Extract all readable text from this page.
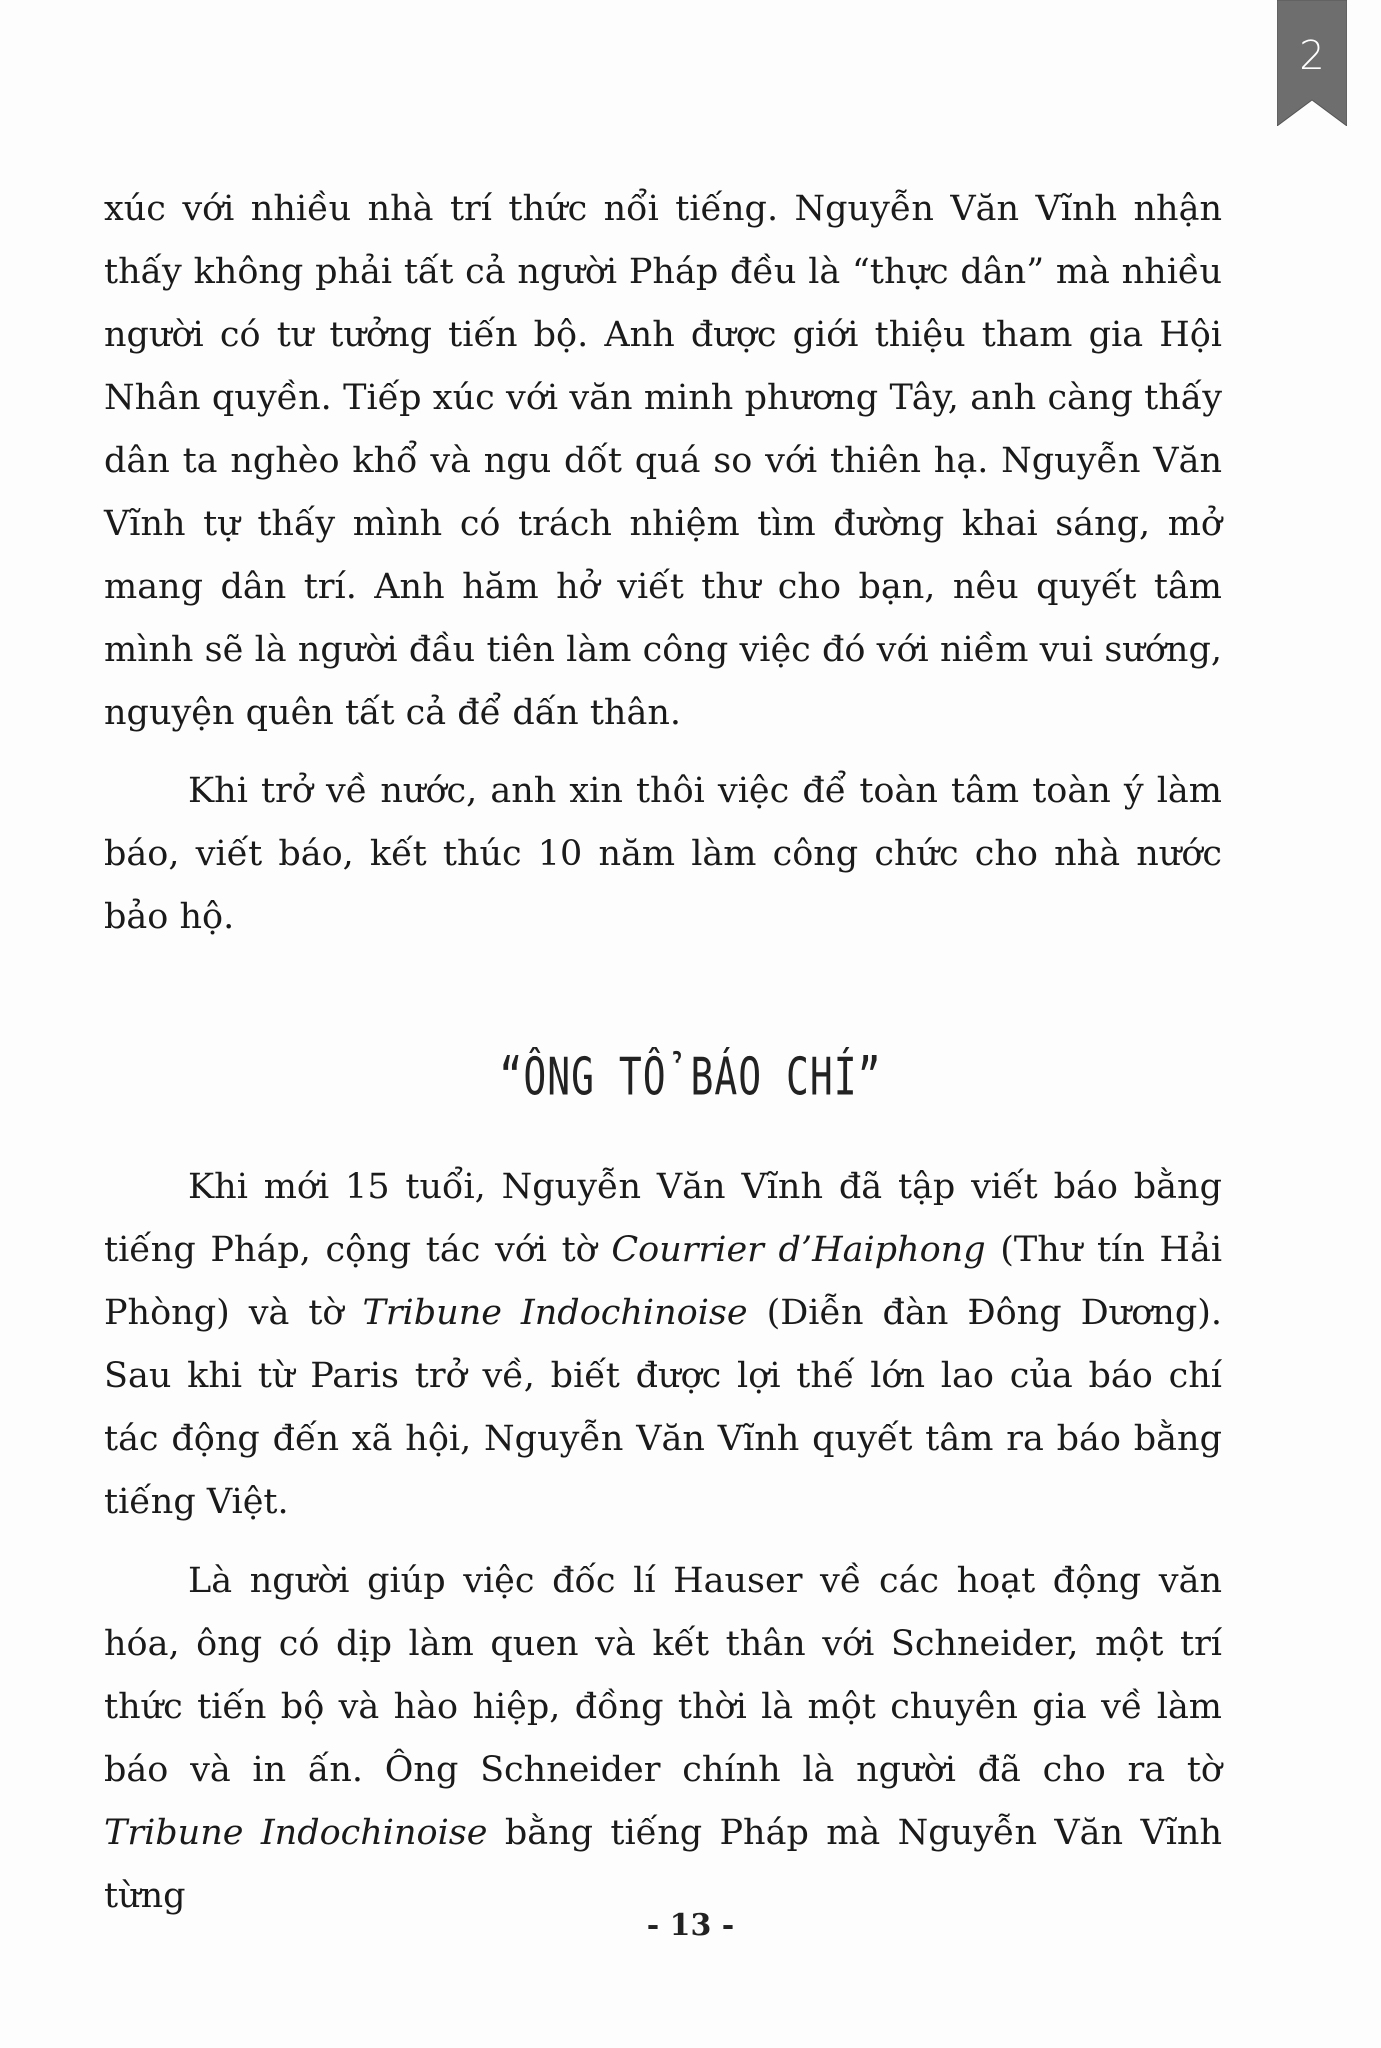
2

xúc với nhiều nhà trí thức nổi tiếng. Nguyễn Văn Vĩnh nhận thấy không phải tất cả người Pháp đều là “thực dân” mà nhiều người có tư tưởng tiến bộ. Anh được giới thiệu tham gia Hội Nhân quyền. Tiếp xúc với văn minh phương Tây, anh càng thấy dân ta nghèo khổ và ngu dốt quá so với thiên hạ. Nguyễn Văn Vĩnh tự thấy mình có trách nhiệm tìm đường khai sáng, mở mang dân trí. Anh hăm hở viết thư cho bạn, nêu quyết tâm mình sẽ là người đầu tiên làm công việc đó với niềm vui sướng, nguyện quên tất cả để dấn thân.

Khi trở về nước, anh xin thôi việc để toàn tâm toàn ý làm báo, viết báo, kết thúc 10 năm làm công chức cho nhà nước bảo hộ.

“ÔNG TỔ BÁO CHÍ”

Khi mới 15 tuổi, Nguyễn Văn Vĩnh đã tập viết báo bằng tiếng Pháp, cộng tác với tờ Courrier d’Haiphong (Thư tín Hải Phòng) và tờ Tribune Indochinoise (Diễn đàn Đông Dương). Sau khi từ Paris trở về, biết được lợi thế lớn lao của báo chí tác động đến xã hội, Nguyễn Văn Vĩnh quyết tâm ra báo bằng tiếng Việt.

Là người giúp việc đốc lí Hauser về các hoạt động văn hóa, ông có dịp làm quen và kết thân với Schneider, một trí thức tiến bộ và hào hiệp, đồng thời là một chuyên gia về làm báo và in ấn. Ông Schneider chính là người đã cho ra tờ Tribune Indochinoise bằng tiếng Pháp mà Nguyễn Văn Vĩnh từng

- 13 -
